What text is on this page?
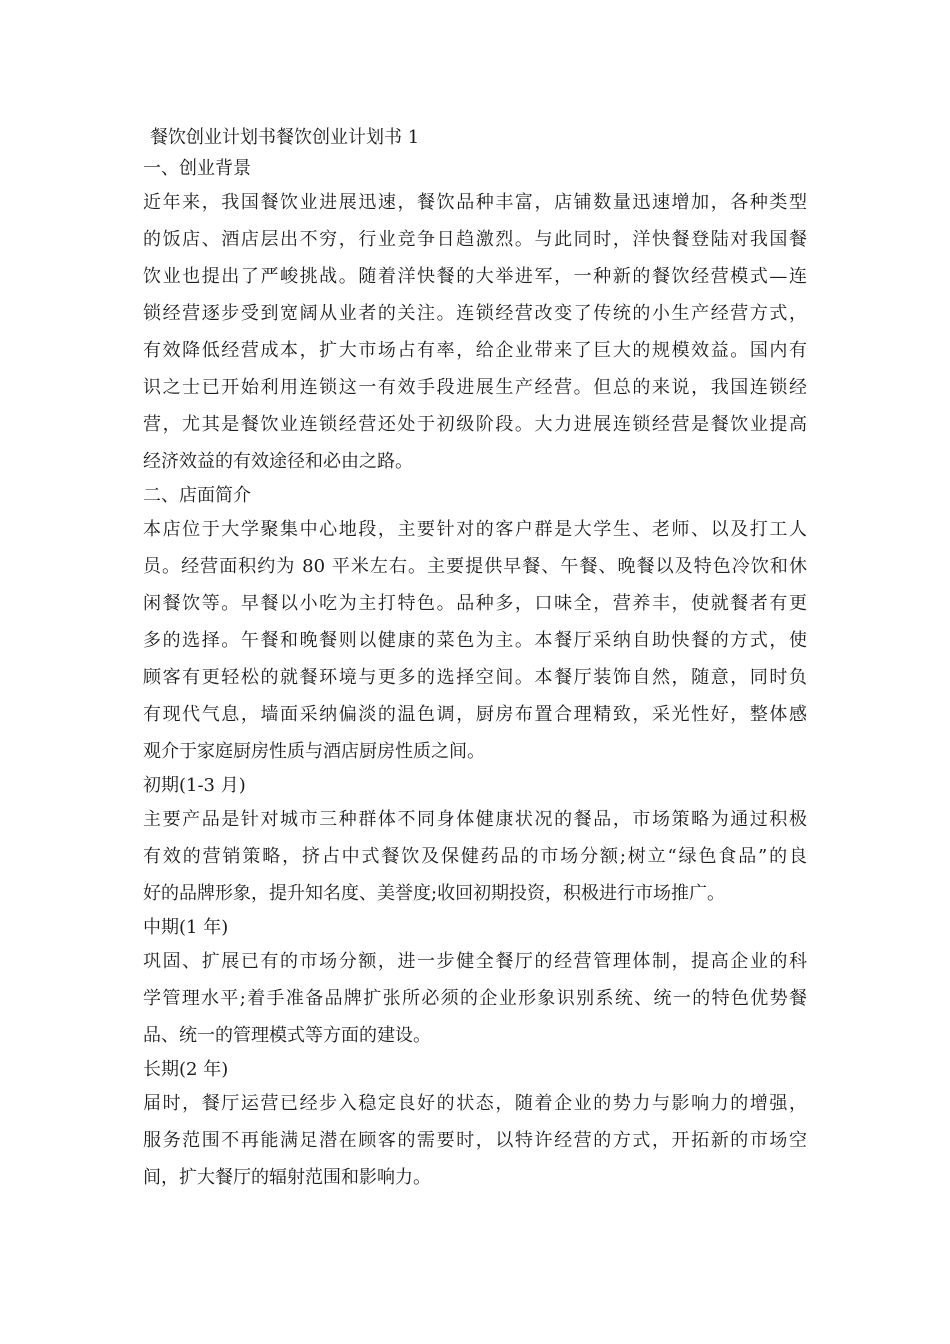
餐饮创业计划书餐饮创业计划书 1

一、创业背景

近年来，我国餐饮业进展迅速，餐饮品种丰富，店铺数量迅速增加，各种类型

的饭店、酒店层出不穷，行业竞争日趋激烈。与此同时，洋快餐登陆对我国餐

饮业也提出了严峻挑战。随着洋快餐的大举进军，一种新的餐饮经营模式—连

锁经营逐步受到宽阔从业者的关注。连锁经营改变了传统的小生产经营方式，

有效降低经营成本，扩大市场占有率，给企业带来了巨大的规模效益。国内有

识之士已开始利用连锁这一有效手段进展生产经营。但总的来说，我国连锁经

营，尤其是餐饮业连锁经营还处于初级阶段。大力进展连锁经营是餐饮业提高

经济效益的有效途径和必由之路。

二、店面简介

本店位于大学聚集中心地段，主要针对的客户群是大学生、老师、以及打工人

员。经营面积约为 80 平米左右。主要提供早餐、午餐、晚餐以及特色冷饮和休

闲餐饮等。早餐以小吃为主打特色。品种多，口味全，营养丰，使就餐者有更

多的选择。午餐和晚餐则以健康的菜色为主。本餐厅采纳自助快餐的方式，使

顾客有更轻松的就餐环境与更多的选择空间。本餐厅装饰自然，随意，同时负

有现代气息，墙面采纳偏淡的温色调，厨房布置合理精致，采光性好，整体感

观介于家庭厨房性质与酒店厨房性质之间。

初期(1-3 月)

主要产品是针对城市三种群体不同身体健康状况的餐品，市场策略为通过积极

有效的营销策略，挤占中式餐饮及保健药品的市场分额;树立“绿色食品”的良

好的品牌形象，提升知名度、美誉度;收回初期投资，积极进行市场推广。

中期(1 年)

巩固、扩展已有的市场分额，进一步健全餐厅的经营管理体制，提高企业的科

学管理水平;着手准备品牌扩张所必须的企业形象识别系统、统一的特色优势餐

品、统一的管理模式等方面的建设。

长期(2 年)

届时，餐厅运营已经步入稳定良好的状态，随着企业的势力与影响力的增强，

服务范围不再能满足潜在顾客的需要时，以特许经营的方式，开拓新的市场空

间，扩大餐厅的辐射范围和影响力。
